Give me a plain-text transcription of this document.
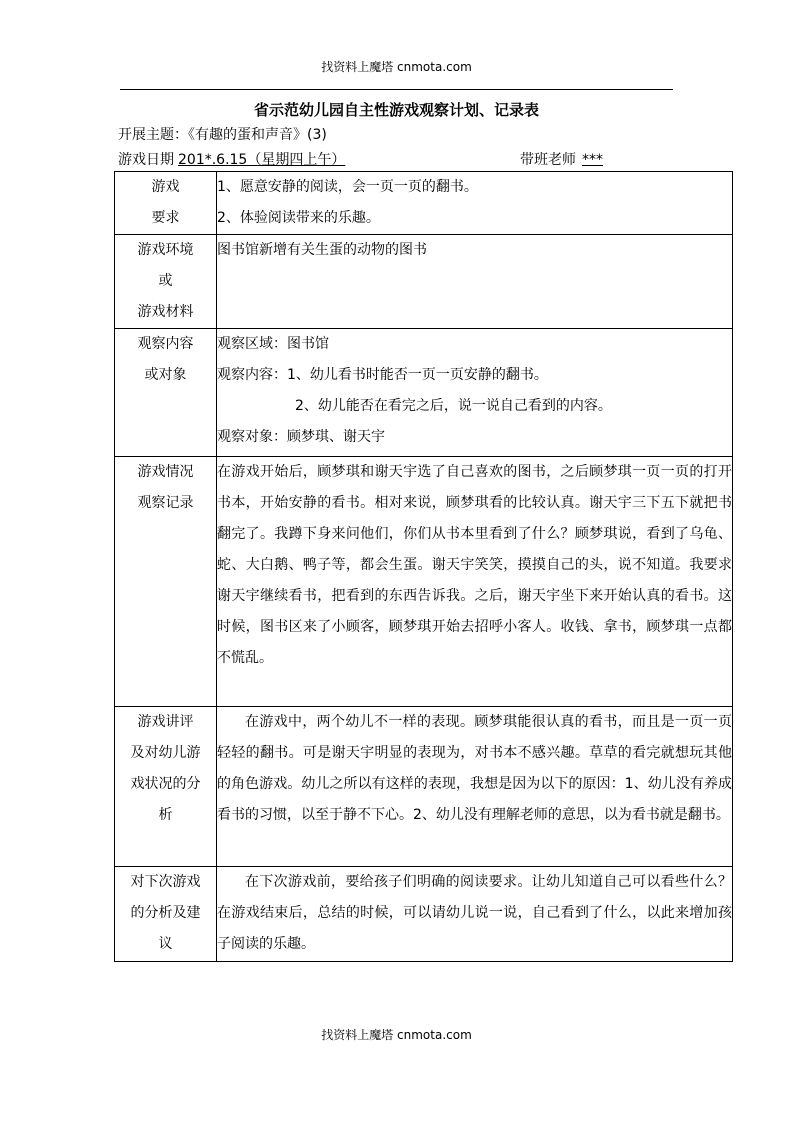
找资料上魔塔 cnmota.com
省示范幼儿园自主性游戏观察计划、记录表
开展主题：《有趣的蛋和声音》(3)
游戏日期 201*.6.15（星期四上午）	带班老师 ***
游戏
要求	1、愿意安静的阅读，会一页一页的翻书。
2、体验阅读带来的乐趣。

游戏环境
或
游戏材料	图书馆新增有关生蛋的动物的图书

观察内容
或对象	观察区域：图书馆
观察内容：1、幼儿看书时能否一页一页安静的翻书。
2、幼儿能否在看完之后，说一说自己看到的内容。
观察对象：顾梦琪、谢天宇

游戏情况
观察记录	在游戏开始后，顾梦琪和谢天宇选了自己喜欢的图书，之后顾梦琪一页一页的打开书本，开始安静的看书。相对来说，顾梦琪看的比较认真。谢天宇三下五下就把书翻完了。我蹲下身来问他们，你们从书本里看到了什么？顾梦琪说，看到了乌龟、蛇、大白鹅、鸭子等，都会生蛋。谢天宇笑笑，摸摸自己的头，说不知道。我要求谢天宇继续看书，把看到的东西告诉我。之后，谢天宇坐下来开始认真的看书。这时候，图书区来了小顾客，顾梦琪开始去招呼小客人。收钱、拿书，顾梦琪一点都不慌乱。

游戏讲评
及对幼儿游
戏状况的分
析	在游戏中，两个幼儿不一样的表现。顾梦琪能很认真的看书，而且是一页一页轻轻的翻书。可是谢天宇明显的表现为，对书本不感兴趣。草草的看完就想玩其他的角色游戏。幼儿之所以有这样的表现，我想是因为以下的原因：1、幼儿没有养成看书的习惯，以至于静不下心。2、幼儿没有理解老师的意思，以为看书就是翻书。

对下次游戏
的分析及建
议	在下次游戏前，要给孩子们明确的阅读要求。让幼儿知道自己可以看些什么？在游戏结束后，总结的时候，可以请幼儿说一说，自己看到了什么，以此来增加孩子阅读的乐趣。
找资料上魔塔 cnmota.com
